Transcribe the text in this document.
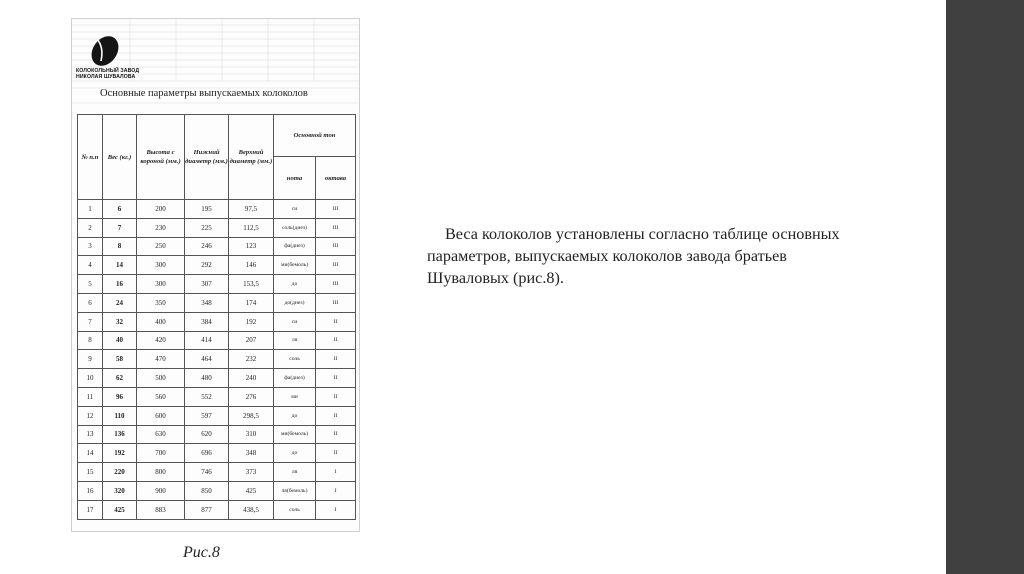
КОЛОКОЛЬНЫЙ ЗАВОД
НИКОЛАЯ ШУВАЛОВА
Основные параметры выпускаемых колоколов
№ п.п	Вес (кг.)	Высота с короной (мм.)	Нижний диаметр (мм.)	Верхний диаметр (мм.)	Основной тон	
					нота	октава
1	6	200	195	97,5	си	III
2	7	230	225	112,5	соль(диез)	III
3	8	250	246	123	фа(диез)	III
4	14	300	292	146	ми(бемоль)	III
5	16	300	307	153,5	до	III
6	24	350	348	174	до(диез)	III
7	32	400	384	192	си	II
8	40	420	414	207	ля	II
9	58	470	464	232	соль	II
10	62	500	480	240	фа(диез)	II
11	96	560	552	276	ми	II
12	110	600	597	298,5	до	II
13	136	630	620	310	ми(бемоль)	II
14	192	700	696	348	до	II
15	220	800	746	373	ля	I
16	320	900	850	425	ля(бемоль)	I
17	425	883	877	438,5	соль	I
Рис.8

Веса колоколов установлены согласно таблице основных параметров, выпускаемых колоколов завода братьев Шуваловых (рис.8).
